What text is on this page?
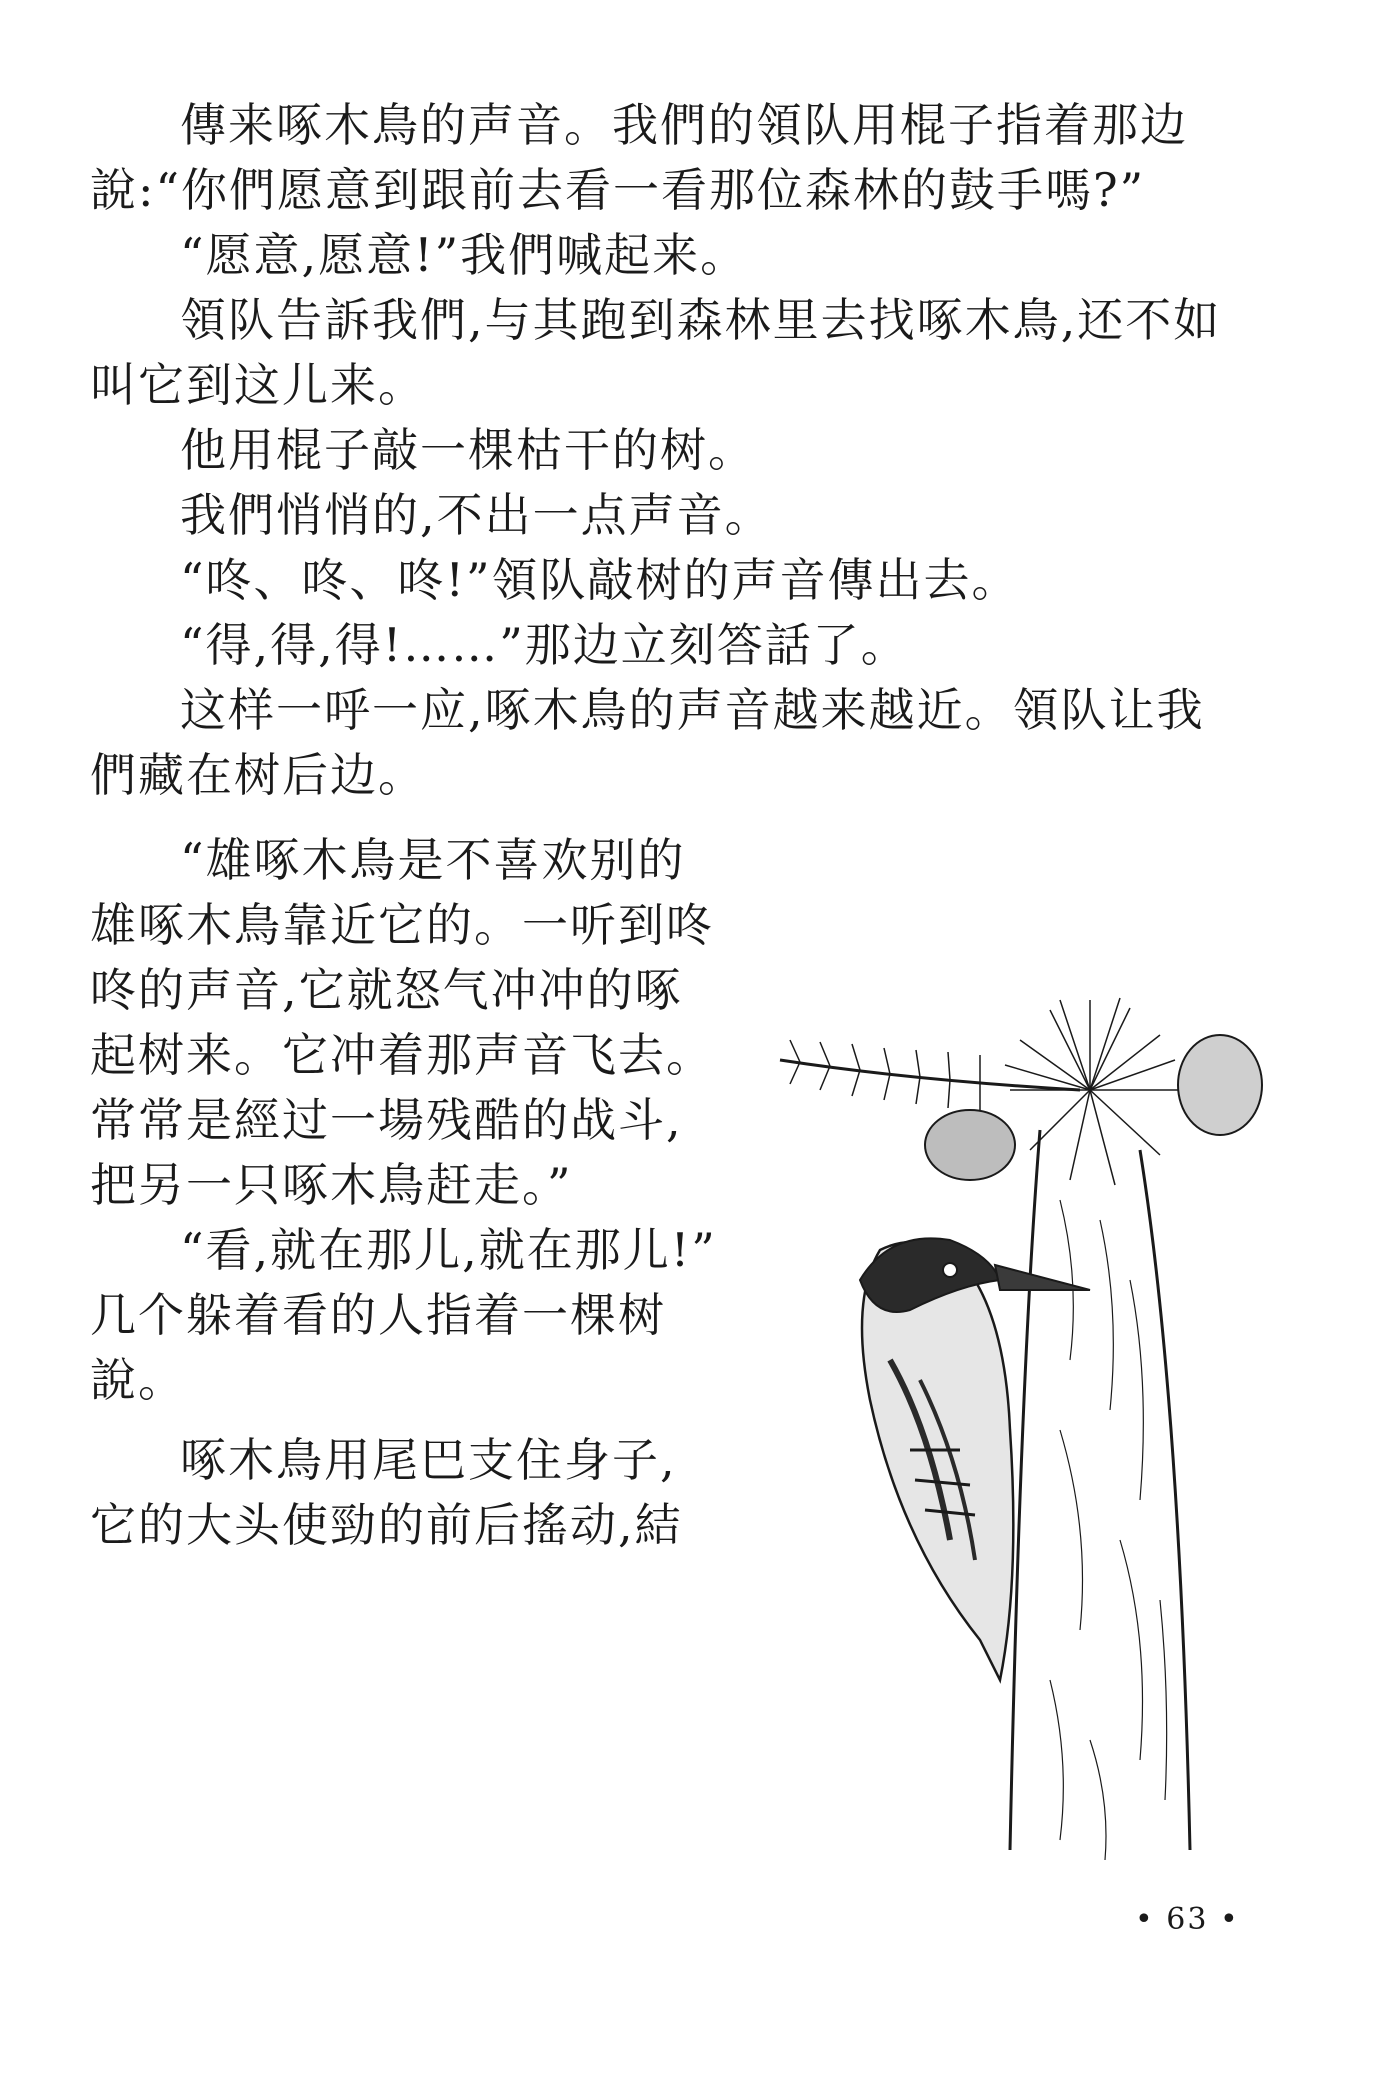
傳来啄木鳥的声音。我們的領队用棍子指着那边
說:“你們愿意到跟前去看一看那位森林的鼓手嗎?”
“愿意,愿意!”我們喊起来。
領队告訴我們,与其跑到森林里去找啄木鳥,还不如
叫它到这儿来。
他用棍子敲一棵枯干的树。
我們悄悄的,不出一点声音。
“咚、咚、咚!”領队敲树的声音傳出去。
“得,得,得!……”那边立刻答話了。
这样一呼一应,啄木鳥的声音越来越近。領队让我
們藏在树后边。
“雄啄木鳥是不喜欢别的
雄啄木鳥靠近它的。一听到咚
咚的声音,它就怒气冲冲的啄
起树来。它冲着那声音飞去。
常常是經过一場残酷的战斗,
把另一只啄木鳥赶走。”
“看,就在那儿,就在那儿!”
几个躲着看的人指着一棵树
說。
啄木鳥用尾巴支住身子,
它的大头使勁的前后搖动,結
• 63 •
